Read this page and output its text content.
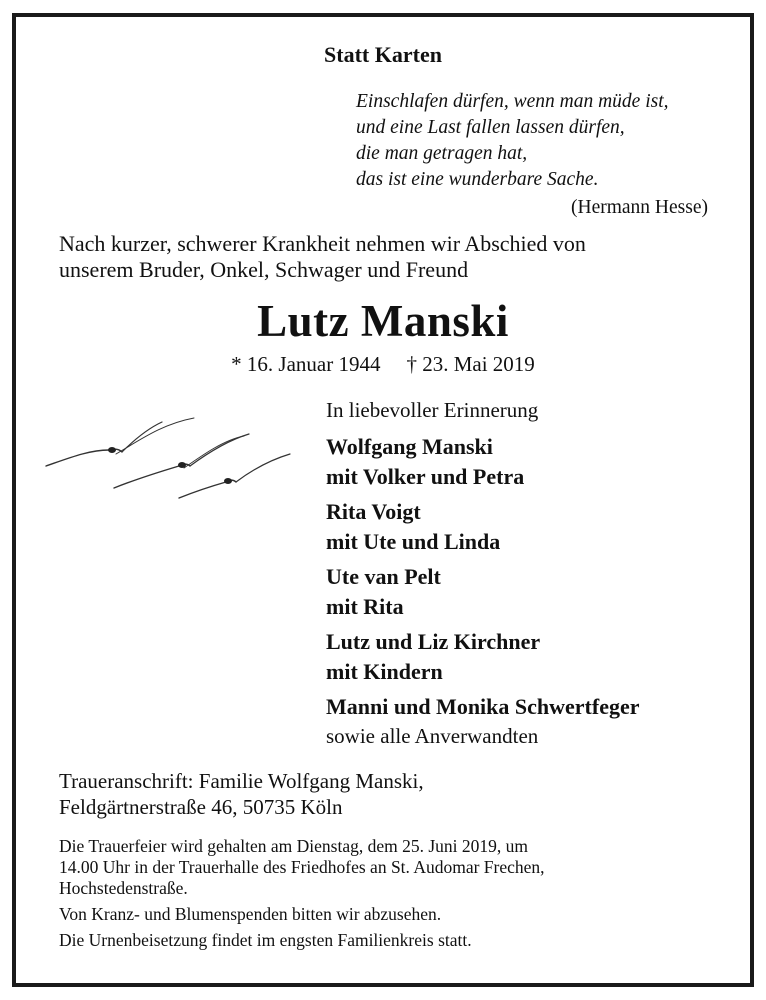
Statt Karten
Einschlafen dürfen, wenn man müde ist,
und eine Last fallen lassen dürfen,
die man getragen hat,
das ist eine wunderbare Sache.
(Hermann Hesse)
Nach kurzer, schwerer Krankheit nehmen wir Abschied von
unserem Bruder, Onkel, Schwager und Freund
Lutz Manski
* 16. Januar 1944 † 23. Mai 2019
In liebevoller Erinnerung
Wolfgang Manski
mit Volker und Petra
Rita Voigt
mit Ute und Linda
Ute van Pelt
mit Rita
Lutz und Liz Kirchner
mit Kindern
Manni und Monika Schwertfeger
sowie alle Anverwandten
Traueranschrift: Familie Wolfgang Manski,
Feldgärtnerstraße 46, 50735 Köln

Die Trauerfeier wird gehalten am Dienstag, dem 25. Juni 2019, um
14.00 Uhr in der Trauerhalle des Friedhofes an St. Audomar Frechen,
Hochstedenstraße.

Von Kranz- und Blumenspenden bitten wir abzusehen.

Die Urnenbeisetzung findet im engsten Familienkreis statt.
